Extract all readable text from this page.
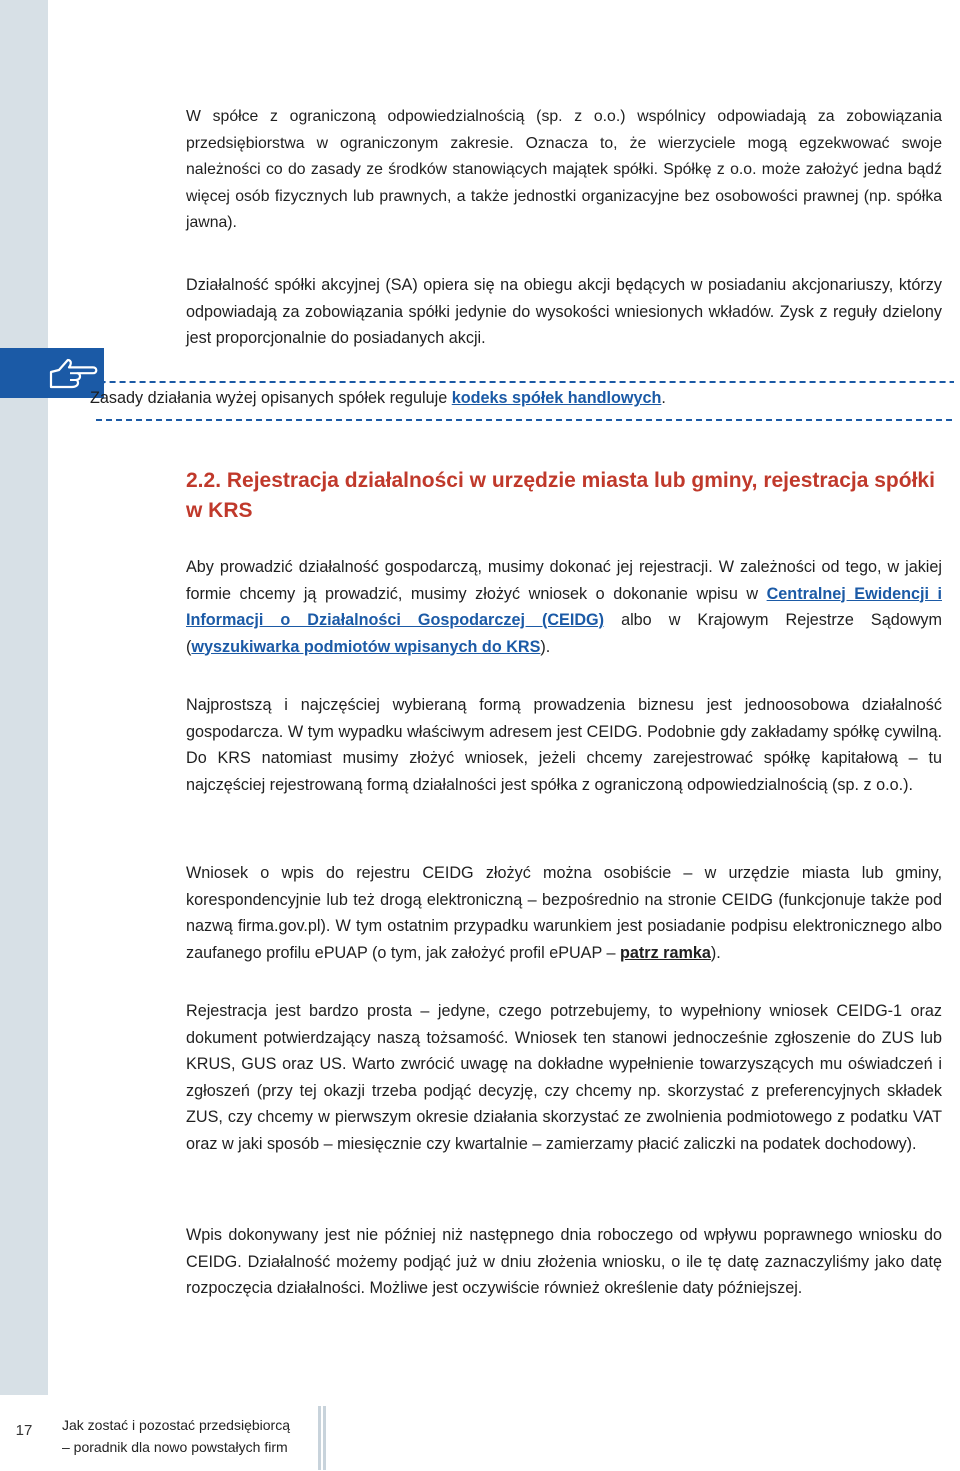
W spółce z ograniczoną odpowiedzialnością (sp. z o.o.) wspólnicy odpowiadają za zobowiązania przedsiębiorstwa w ograniczonym zakresie. Oznacza to, że wierzyciele mogą egzekwować swoje należności co do zasady ze środków stanowiących majątek spółki. Spółkę z o.o. może założyć jedna bądź więcej osób fizycznych lub prawnych, a także jednostki organizacyjne bez osobowości prawnej (np. spółka jawna).

Działalność spółki akcyjnej (SA) opiera się na obiegu akcji będących w posiadaniu akcjonariuszy, którzy odpowiadają za zobowiązania spółki jedynie do wysokości wniesionych wkładów. Zysk z reguły dzielony jest proporcjonalnie do posiadanych akcji.

Zasady działania wyżej opisanych spółek reguluje kodeks spółek handlowych.
2.2. Rejestracja działalności w urzędzie miasta lub gminy, rejestracja spółki w KRS

Aby prowadzić działalność gospodarczą, musimy dokonać jej rejestracji. W zależności od tego, w jakiej formie chcemy ją prowadzić, musimy złożyć wniosek o dokonanie wpisu w Centralnej Ewidencji i Informacji o Działalności Gospodarczej (CEIDG) albo w Krajowym Rejestrze Sądowym (wyszukiwarka podmiotów wpisanych do KRS).

Najprostszą i najczęściej wybieraną formą prowadzenia biznesu jest jednoosobowa działalność gospodarcza. W tym wypadku właściwym adresem jest CEIDG. Podobnie gdy zakładamy spółkę cywilną. Do KRS natomiast musimy złożyć wniosek, jeżeli chcemy zarejestrować spółkę kapitałową – tu najczęściej rejestrowaną formą działalności jest spółka z ograniczoną odpowiedzialnością (sp. z o.o.).

Wniosek o wpis do rejestru CEIDG złożyć można osobiście – w urzędzie miasta lub gminy, korespondencyjnie lub też drogą elektroniczną – bezpośrednio na stronie CEIDG (funkcjonuje także pod nazwą firma.gov.pl). W tym ostatnim przypadku warunkiem jest posiadanie podpisu elektronicznego albo zaufanego profilu ePUAP (o tym, jak założyć profil ePUAP – patrz ramka).

Rejestracja jest bardzo prosta – jedyne, czego potrzebujemy, to wypełniony wniosek CEIDG-1 oraz dokument potwierdzający naszą tożsamość. Wniosek ten stanowi jednocześnie zgłoszenie do ZUS lub KRUS, GUS oraz US. Warto zwrócić uwagę na dokładne wypełnienie towarzyszących mu oświadczeń i zgłoszeń (przy tej okazji trzeba podjąć decyzję, czy chcemy np. skorzystać z preferencyjnych składek ZUS, czy chcemy w pierwszym okresie działania skorzystać ze zwolnienia podmiotowego z podatku VAT oraz w jaki sposób – miesięcznie czy kwartalnie – zamierzamy płacić zaliczki na podatek dochodowy).

Wpis dokonywany jest nie później niż następnego dnia roboczego od wpływu poprawnego wniosku do CEIDG. Działalność możemy podjąć już w dniu złożenia wniosku, o ile tę datę zaznaczyliśmy jako datę rozpoczęcia działalności. Możliwe jest oczywiście również określenie daty późniejszej.

17	Jak zostać i pozostać przedsiębiorcą
– poradnik dla nowo powstałych firm
